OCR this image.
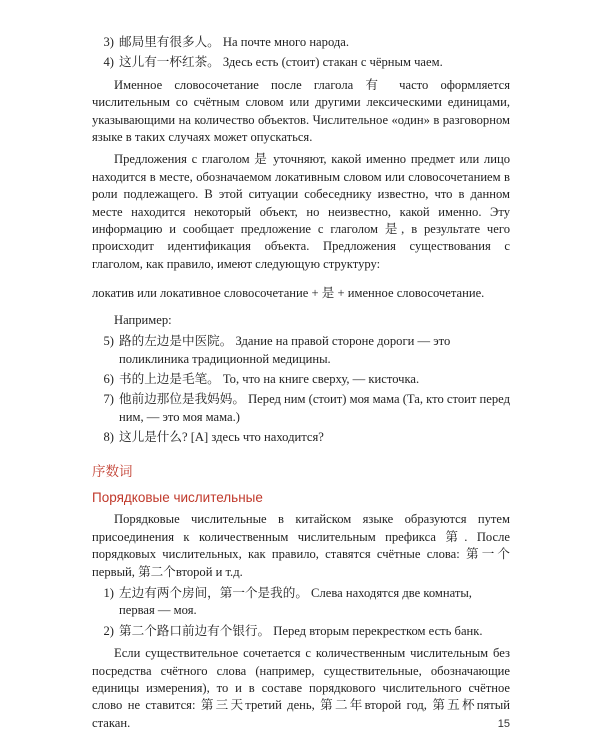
3) 邮局里有很多人。 На почте много народа.
4) 这儿有一杯红茶。 Здесь есть (стоит) стакан с чёрным чаем.

Именное словосочетание после глагола 有 часто оформляется числительным со счётным словом или другими лексическими единицами, указывающими на количество объектов. Числительное «один» в разговорном языке в таких случаях может опускаться.

Предложения с глаголом 是 уточняют, какой именно предмет или лицо находится в месте, обозначаемом локативным словом или словосочетанием в роли подлежащего. В этой ситуации собеседнику известно, что в данном месте находится некоторый объект, но неизвестно, какой именно. Эту информацию и сообщает предложение с глаголом 是, в результате чего происходит идентификация объекта. Предложения существования с глаголом, как правило, имеют следующую структуру:

локатив или локативное словосочетание + 是 + именное словосочетание.

Например:

5) 路的左边是中医院。 Здание на правой стороне дороги — это поликлиника традиционной медицины.
6) 书的上边是毛笔。 То, что на книге сверху, — кисточка.
7) 他前边那位是我妈妈。 Перед ним (стоит) моя мама (Та, кто стоит перед ним, — это моя мама.)
8) 这儿是什么? [A] здесь что находится?

序数词

Порядковые числительные

Порядковые числительные в китайском языке образуются путем присоединения к количественным числительным префикса 第. После порядковых числительных, как правило, ставятся счётные слова: 第一个первый, 第二个второй и т.д.

1) 左边有两个房间，第一个是我的。 Слева находятся две комнаты, первая — моя.
2) 第二个路口前边有个银行。 Перед вторым перекрестком есть банк.

Если существительное сочетается с количественным числительным без посредства счётного слова (например, существительные, обозначающие единицы измерения), то и в составе порядкового числительного счётное слово не ставится: 第三天третий день, 第二年второй год, 第五杯пятый стакан.	15
